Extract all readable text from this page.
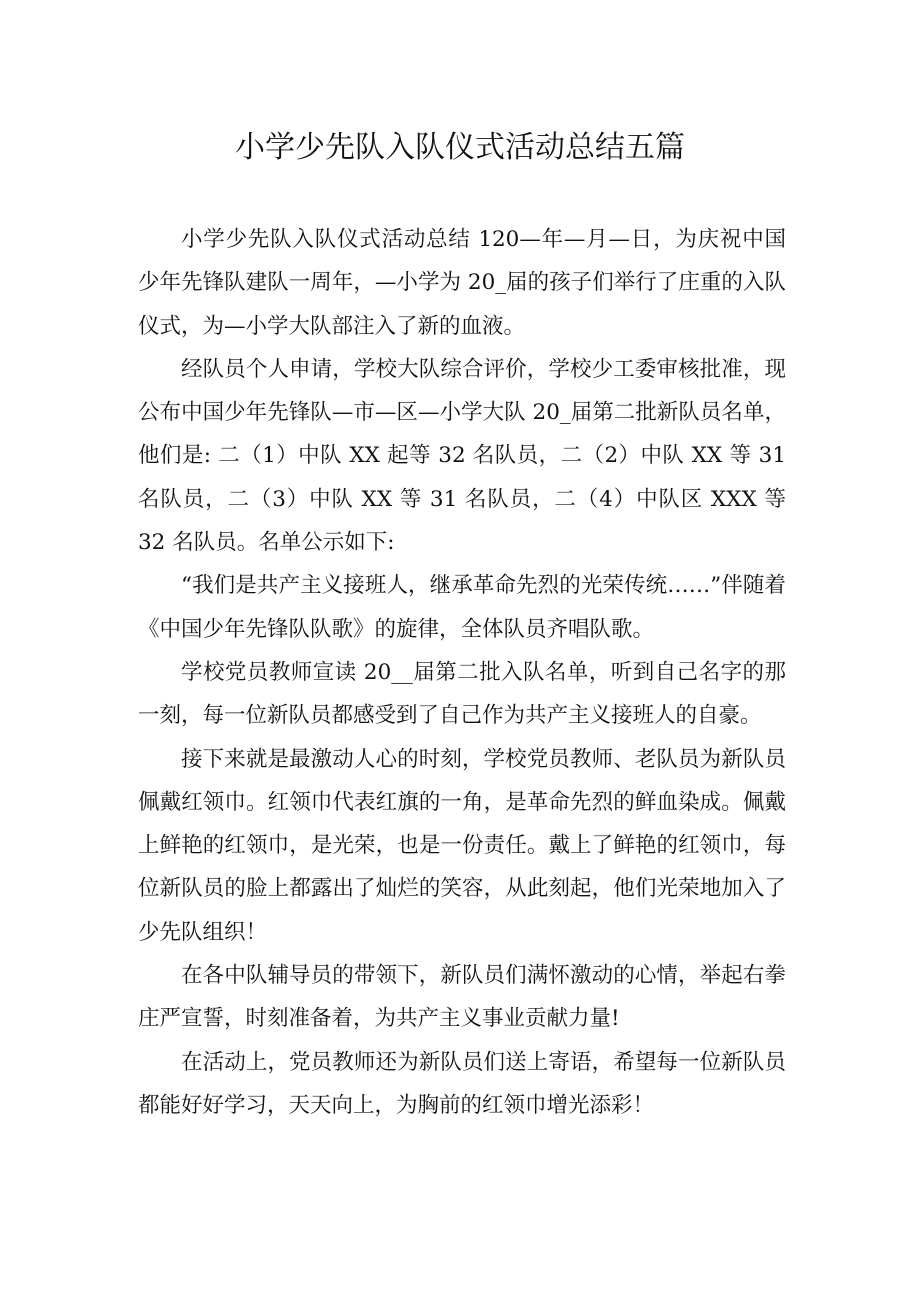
小学少先队入队仪式活动总结五篇

小学少先队入队仪式活动总结 120—年—月—日，为庆祝中国少年先锋队建队一周年，—小学为 20_届的孩子们举行了庄重的入队仪式，为—小学大队部注入了新的血液。

经队员个人申请，学校大队综合评价，学校少工委审核批准，现公布中国少年先锋队—市—区—小学大队 20_届第二批新队员名单，他们是: 二（1）中队 XX 起等 32 名队员，二（2）中队 XX 等 31 名队员，二（3）中队 XX 等 31 名队员，二（4）中队区 XXX 等 32 名队员。名单公示如下:

“我们是共产主义接班人，继承革命先烈的光荣传统……”伴随着《中国少年先锋队队歌》的旋律，全体队员齐唱队歌。

学校党员教师宣读 20__届第二批入队名单，听到自己名字的那一刻，每一位新队员都感受到了自己作为共产主义接班人的自豪。

接下来就是最激动人心的时刻，学校党员教师、老队员为新队员佩戴红领巾。红领巾代表红旗的一角，是革命先烈的鲜血染成。佩戴上鲜艳的红领巾，是光荣，也是一份责任。戴上了鲜艳的红领巾，每位新队员的脸上都露出了灿烂的笑容，从此刻起，他们光荣地加入了少先队组织！

在各中队辅导员的带领下，新队员们满怀激动的心情，举起右拳庄严宣誓，时刻准备着，为共产主义事业贡献力量!

在活动上，党员教师还为新队员们送上寄语，希望每一位新队员都能好好学习，天天向上，为胸前的红领巾增光添彩！
